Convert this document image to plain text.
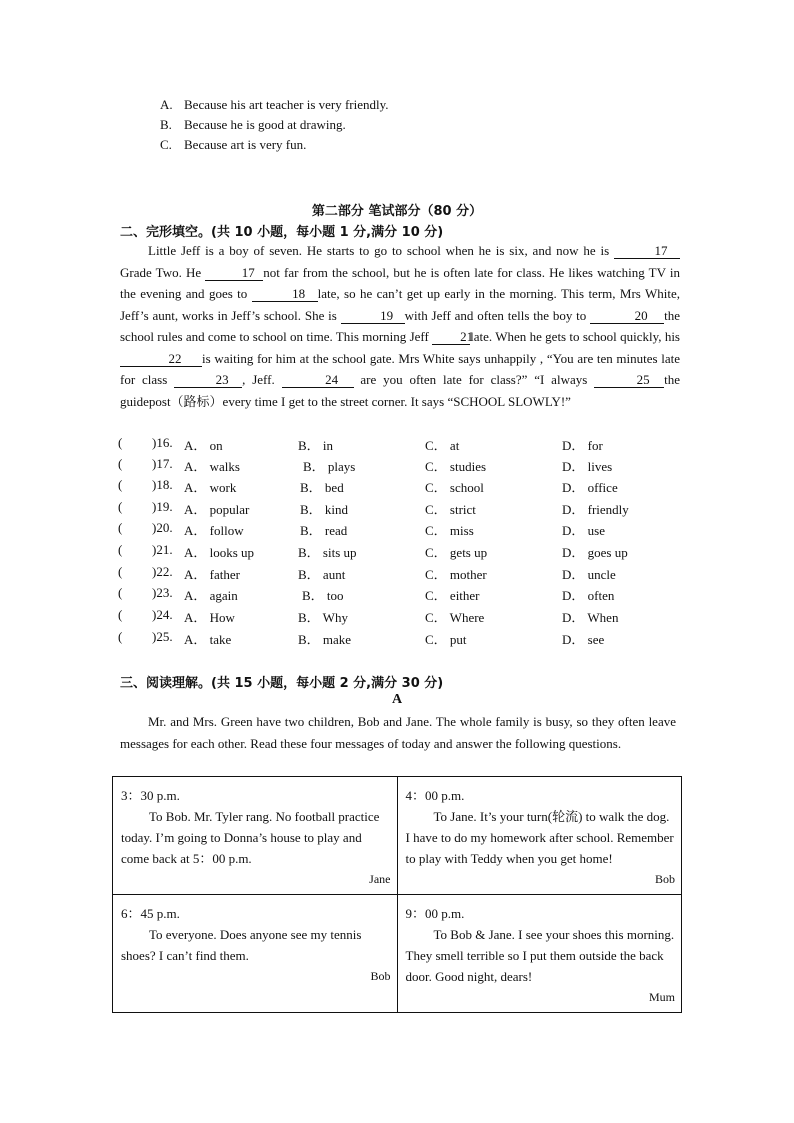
A. Because his art teacher is very friendly.
B. Because he is good at drawing.
C. Because art is very fun.
第二部分 笔试部分（80 分）
二、完形填空。(共 10 小题，每小题 1 分,满分 10 分)

Little Jeff is a boy of seven. He starts to go to school when he is six, and now he is	17 Grade Two. He	17 not far from the school, but he is often late for class. He likes watching TV in the evening and goes to	18 late, so he can’t get up early in the morning. This term, Mrs White, Jeff’s aunt, works in Jeff’s school. She is	19 with Jeff and often tells the boy to	20 the school rules and come to school on time. This morning Jeff 21late. When he gets to school quickly, his 22 is waiting for him at the school gate. Mrs White says unhappily , “You are ten minutes late for class	23 , Jeff.	24 are you often late for class?” “I always	25 the guidepost（路标）every time I get to the street corner. It says “SCHOOL SLOWLY!”

( )16. A． on	B． in	C． at	D． for
( )17. A． walks	B． plays	C． studies	D． lives
( )18. A． work	B． bed	C． school	D． office
( )19. A． popular	B． kind	C． strict	D． friendly
( )20. A． follow	B． read	C． miss	D． use
( )21. A． looks up	B． sits up	C． gets up	D． goes up
( )22. A． father	B． aunt	C． mother	D． uncle
( )23. A． again	B． too	C． either	D． often
( )24. A． How	B． Why	C． Where	D． When
( )25. A． take	B． make	C． put	D． see
三、阅读理解。(共 15 小题，每小题 2 分,满分 30 分)
A

Mr. and Mrs. Green have two children, Bob and Jane. The whole family is busy, so they often leave messages for each other. Read these four messages of today and answer the following questions.

3：30 p.m.

To Bob. Mr. Tyler rang. No football practice today. I’m going to Donna’s house to play and come back at 5：00 p.m.

Jane	4：00 p.m.

To Jane. It’s your turn(轮流) to walk the dog. I have to do my homework after school. Remember to play with Teddy when you get home!

Bob

6：45 p.m.

To everyone. Does anyone see my tennis shoes? I can’t find them.

Bob	9：00 p.m.

To Bob & Jane. I see your shoes this morning. They smell terrible so I put them outside the back door. Good night, dears!

Mum
